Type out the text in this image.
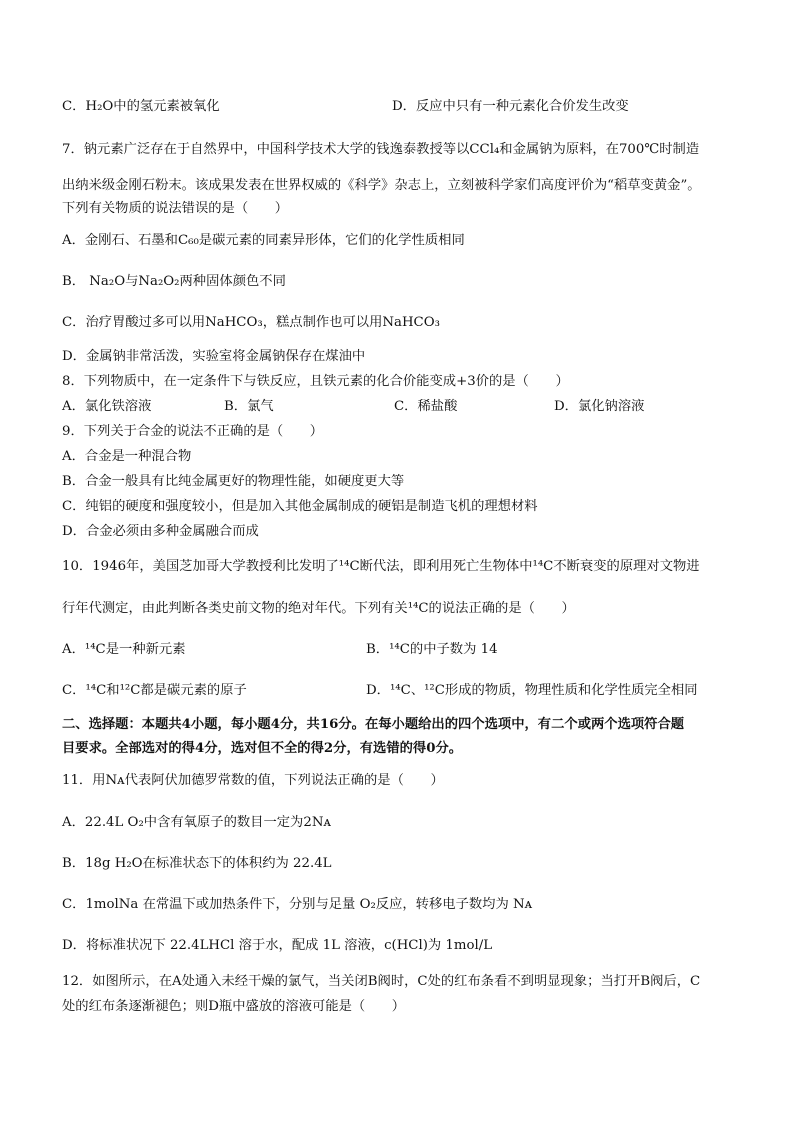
C．H₂O中的氢元素被氧化	D．反应中只有一种元素化合价发生改变
7．钠元素广泛存在于自然界中，中国科学技术大学的钱逸泰教授等以CCl₄和金属钠为原料，在700℃时制造
出纳米级金刚石粉末。该成果发表在世界权威的《科学》杂志上，立刻被科学家们高度评价为“稻草变黄金”。
下列有关物质的说法错误的是（　　）
A．金刚石、石墨和C₆₀是碳元素的同素异形体，它们的化学性质相同
B． Na₂O与Na₂O₂两种固体颜色不同
C．治疗胃酸过多可以用NaHCO₃，糕点制作也可以用NaHCO₃
D．金属钠非常活泼，实验室将金属钠保存在煤油中
8．下列物质中，在一定条件下与铁反应，且铁元素的化合价能变成+3价的是（　　）
A．氯化铁溶液	B．氯气	C．稀盐酸	D．氯化钠溶液
9．下列关于合金的说法不正确的是（　　）
A．合金是一种混合物
B．合金一般具有比纯金属更好的物理性能，如硬度更大等
C．纯铝的硬度和强度较小，但是加入其他金属制成的硬铝是制造飞机的理想材料
D．合金必须由多种金属融合而成
10．1946年，美国芝加哥大学教授利比发明了¹⁴C断代法，即利用死亡生物体中¹⁴C不断衰变的原理对文物进
行年代测定，由此判断各类史前文物的绝对年代。下列有关¹⁴C的说法正确的是（　　）
A．¹⁴C是一种新元素	B．¹⁴C的中子数为 14
C．¹⁴C和¹²C都是碳元素的原子	D．¹⁴C、¹²C形成的物质，物理性质和化学性质完全相同
二、选择题：本题共4小题，每小题4分，共16分。在每小题给出的四个选项中，有二个或两个选项符合题
目要求。全部选对的得4分，选对但不全的得2分，有选错的得0分。
11．用Nᴀ代表阿伏加德罗常数的值，下列说法正确的是（　　）
A．22.4L O₂中含有氧原子的数目一定为2Nᴀ
B．18g H₂O在标准状态下的体积约为 22.4L
C．1molNa 在常温下或加热条件下，分别与足量 O₂反应，转移电子数均为 Nᴀ
D．将标准状况下 22.4LHCl 溶于水，配成 1L 溶液，c(HCl)为 1mol/L
12．如图所示，在A处通入未经干燥的氯气，当关闭B阀时，C处的红布条看不到明显现象；当打开B阀后，C
处的红布条逐渐褪色；则D瓶中盛放的溶液可能是（　　）
